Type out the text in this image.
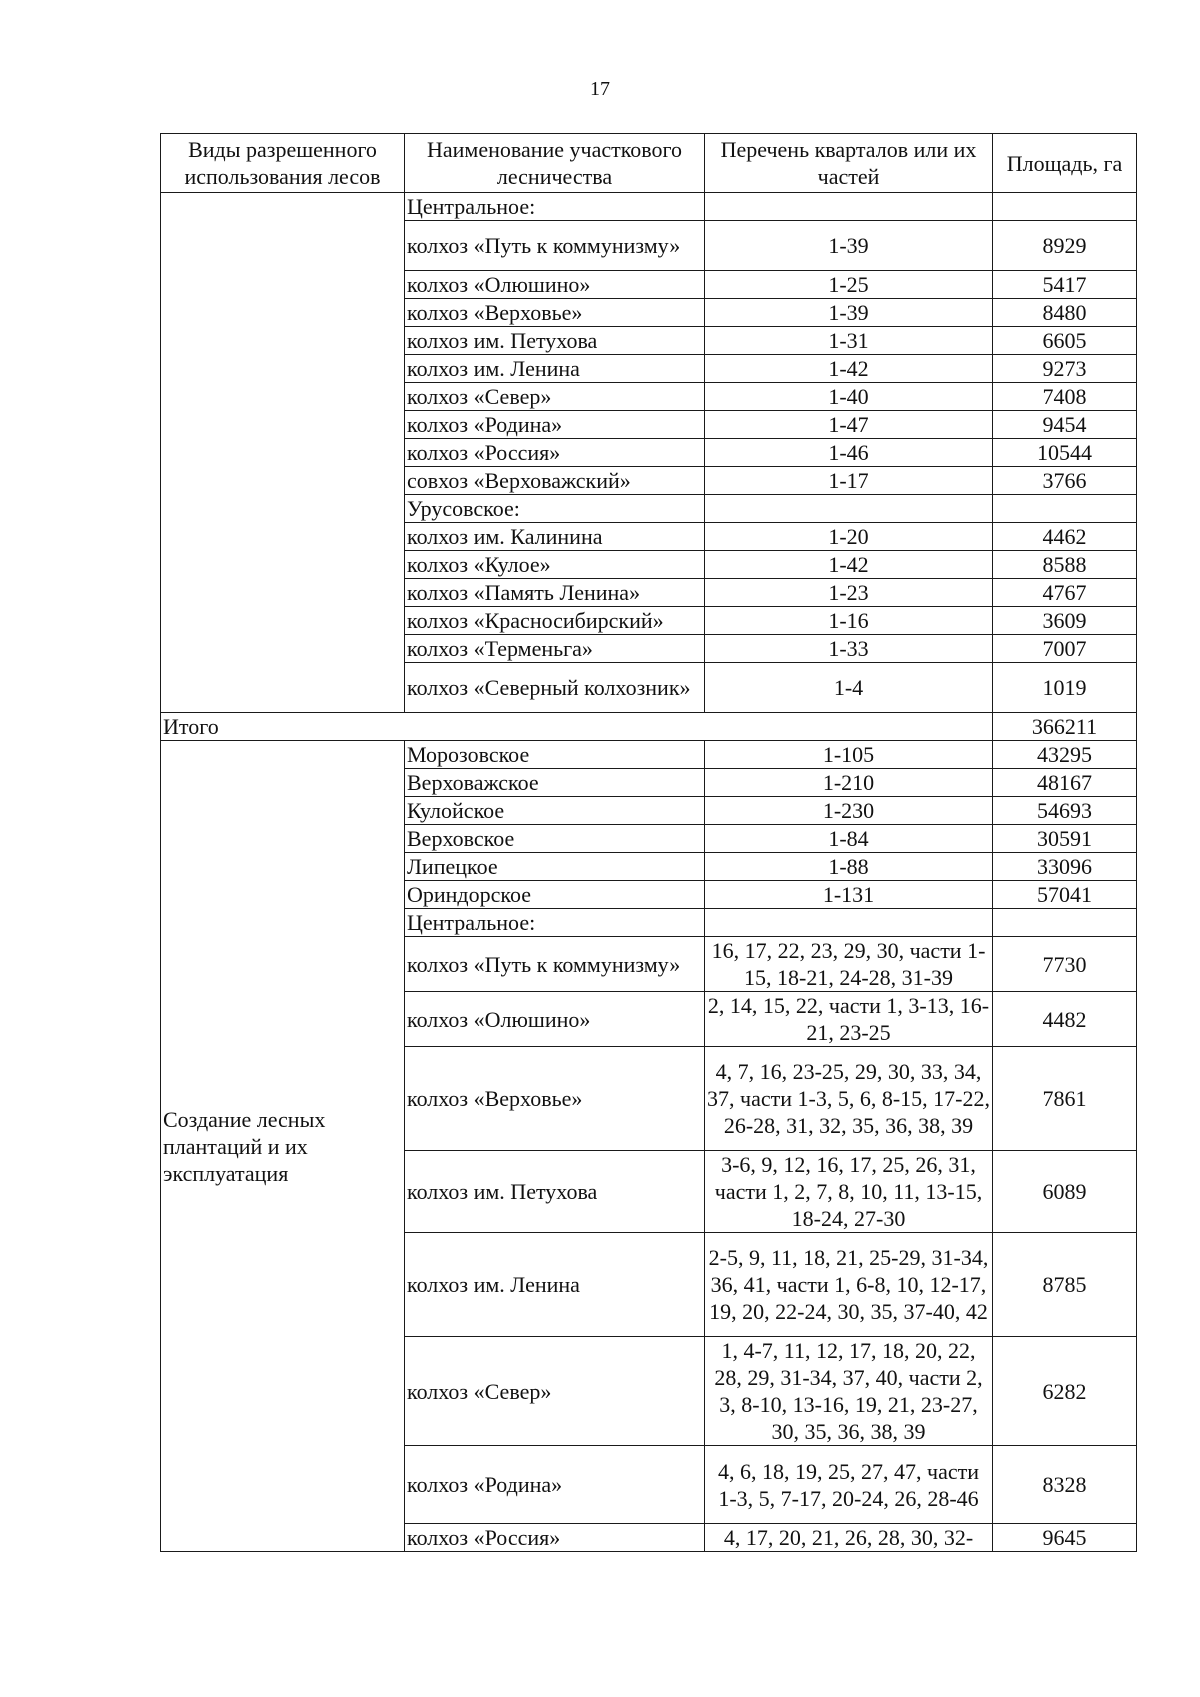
17
Виды разрешенного использования лесов	Наименование участкового лесничества	Перечень кварталов или их частей	Площадь, га
	Центральное:		
	колхоз «Путь к коммунизму»	1-39	8929
	колхоз «Олюшино»	1-25	5417
	колхоз «Верховье»	1-39	8480
	колхоз им. Петухова	1-31	6605
	колхоз им. Ленина	1-42	9273
	колхоз «Север»	1-40	7408
	колхоз «Родина»	1-47	9454
	колхоз «Россия»	1-46	10544
	совхоз «Верховажский»	1-17	3766
	Урусовское:		
	колхоз им. Калинина	1-20	4462
	колхоз «Кулое»	1-42	8588
	колхоз «Память Ленина»	1-23	4767
	колхоз «Красносибирский»	1-16	3609
	колхоз «Терменьга»	1-33	7007
	колхоз «Северный колхозник»	1-4	1019
Итого			366211
Создание лесных плантаций и их эксплуатация	Морозовское	1-105	43295
	Верховажское	1-210	48167
	Кулойское	1-230	54693
	Верховское	1-84	30591
	Липецкое	1-88	33096
	Ориндорское	1-131	57041
	Центральное:		
	колхоз «Путь к коммунизму»	16, 17, 22, 23, 29, 30, части 1-15, 18-21, 24-28, 31-39	7730
	колхоз «Олюшино»	2, 14, 15, 22, части 1, 3-13, 16-21, 23-25	4482
	колхоз «Верховье»	4, 7, 16, 23-25, 29, 30, 33, 34, 37, части 1-3, 5, 6, 8-15, 17-22, 26-28, 31, 32, 35, 36, 38, 39	7861
	колхоз им. Петухова	3-6, 9, 12, 16, 17, 25, 26, 31, части 1, 2, 7, 8, 10, 11, 13-15, 18-24, 27-30	6089
	колхоз им. Ленина	2-5, 9, 11, 18, 21, 25-29, 31-34, 36, 41, части 1, 6-8, 10, 12-17, 19, 20, 22-24, 30, 35, 37-40, 42	8785
	колхоз «Север»	1, 4-7, 11, 12, 17, 18, 20, 22, 28, 29, 31-34, 37, 40, части 2, 3, 8-10, 13-16, 19, 21, 23-27, 30, 35, 36, 38, 39	6282
	колхоз «Родина»	4, 6, 18, 19, 25, 27, 47, части 1-3, 5, 7-17, 20-24, 26, 28-46	8328
	колхоз «Россия»	4, 17, 20, 21, 26, 28, 30, 32-	9645
